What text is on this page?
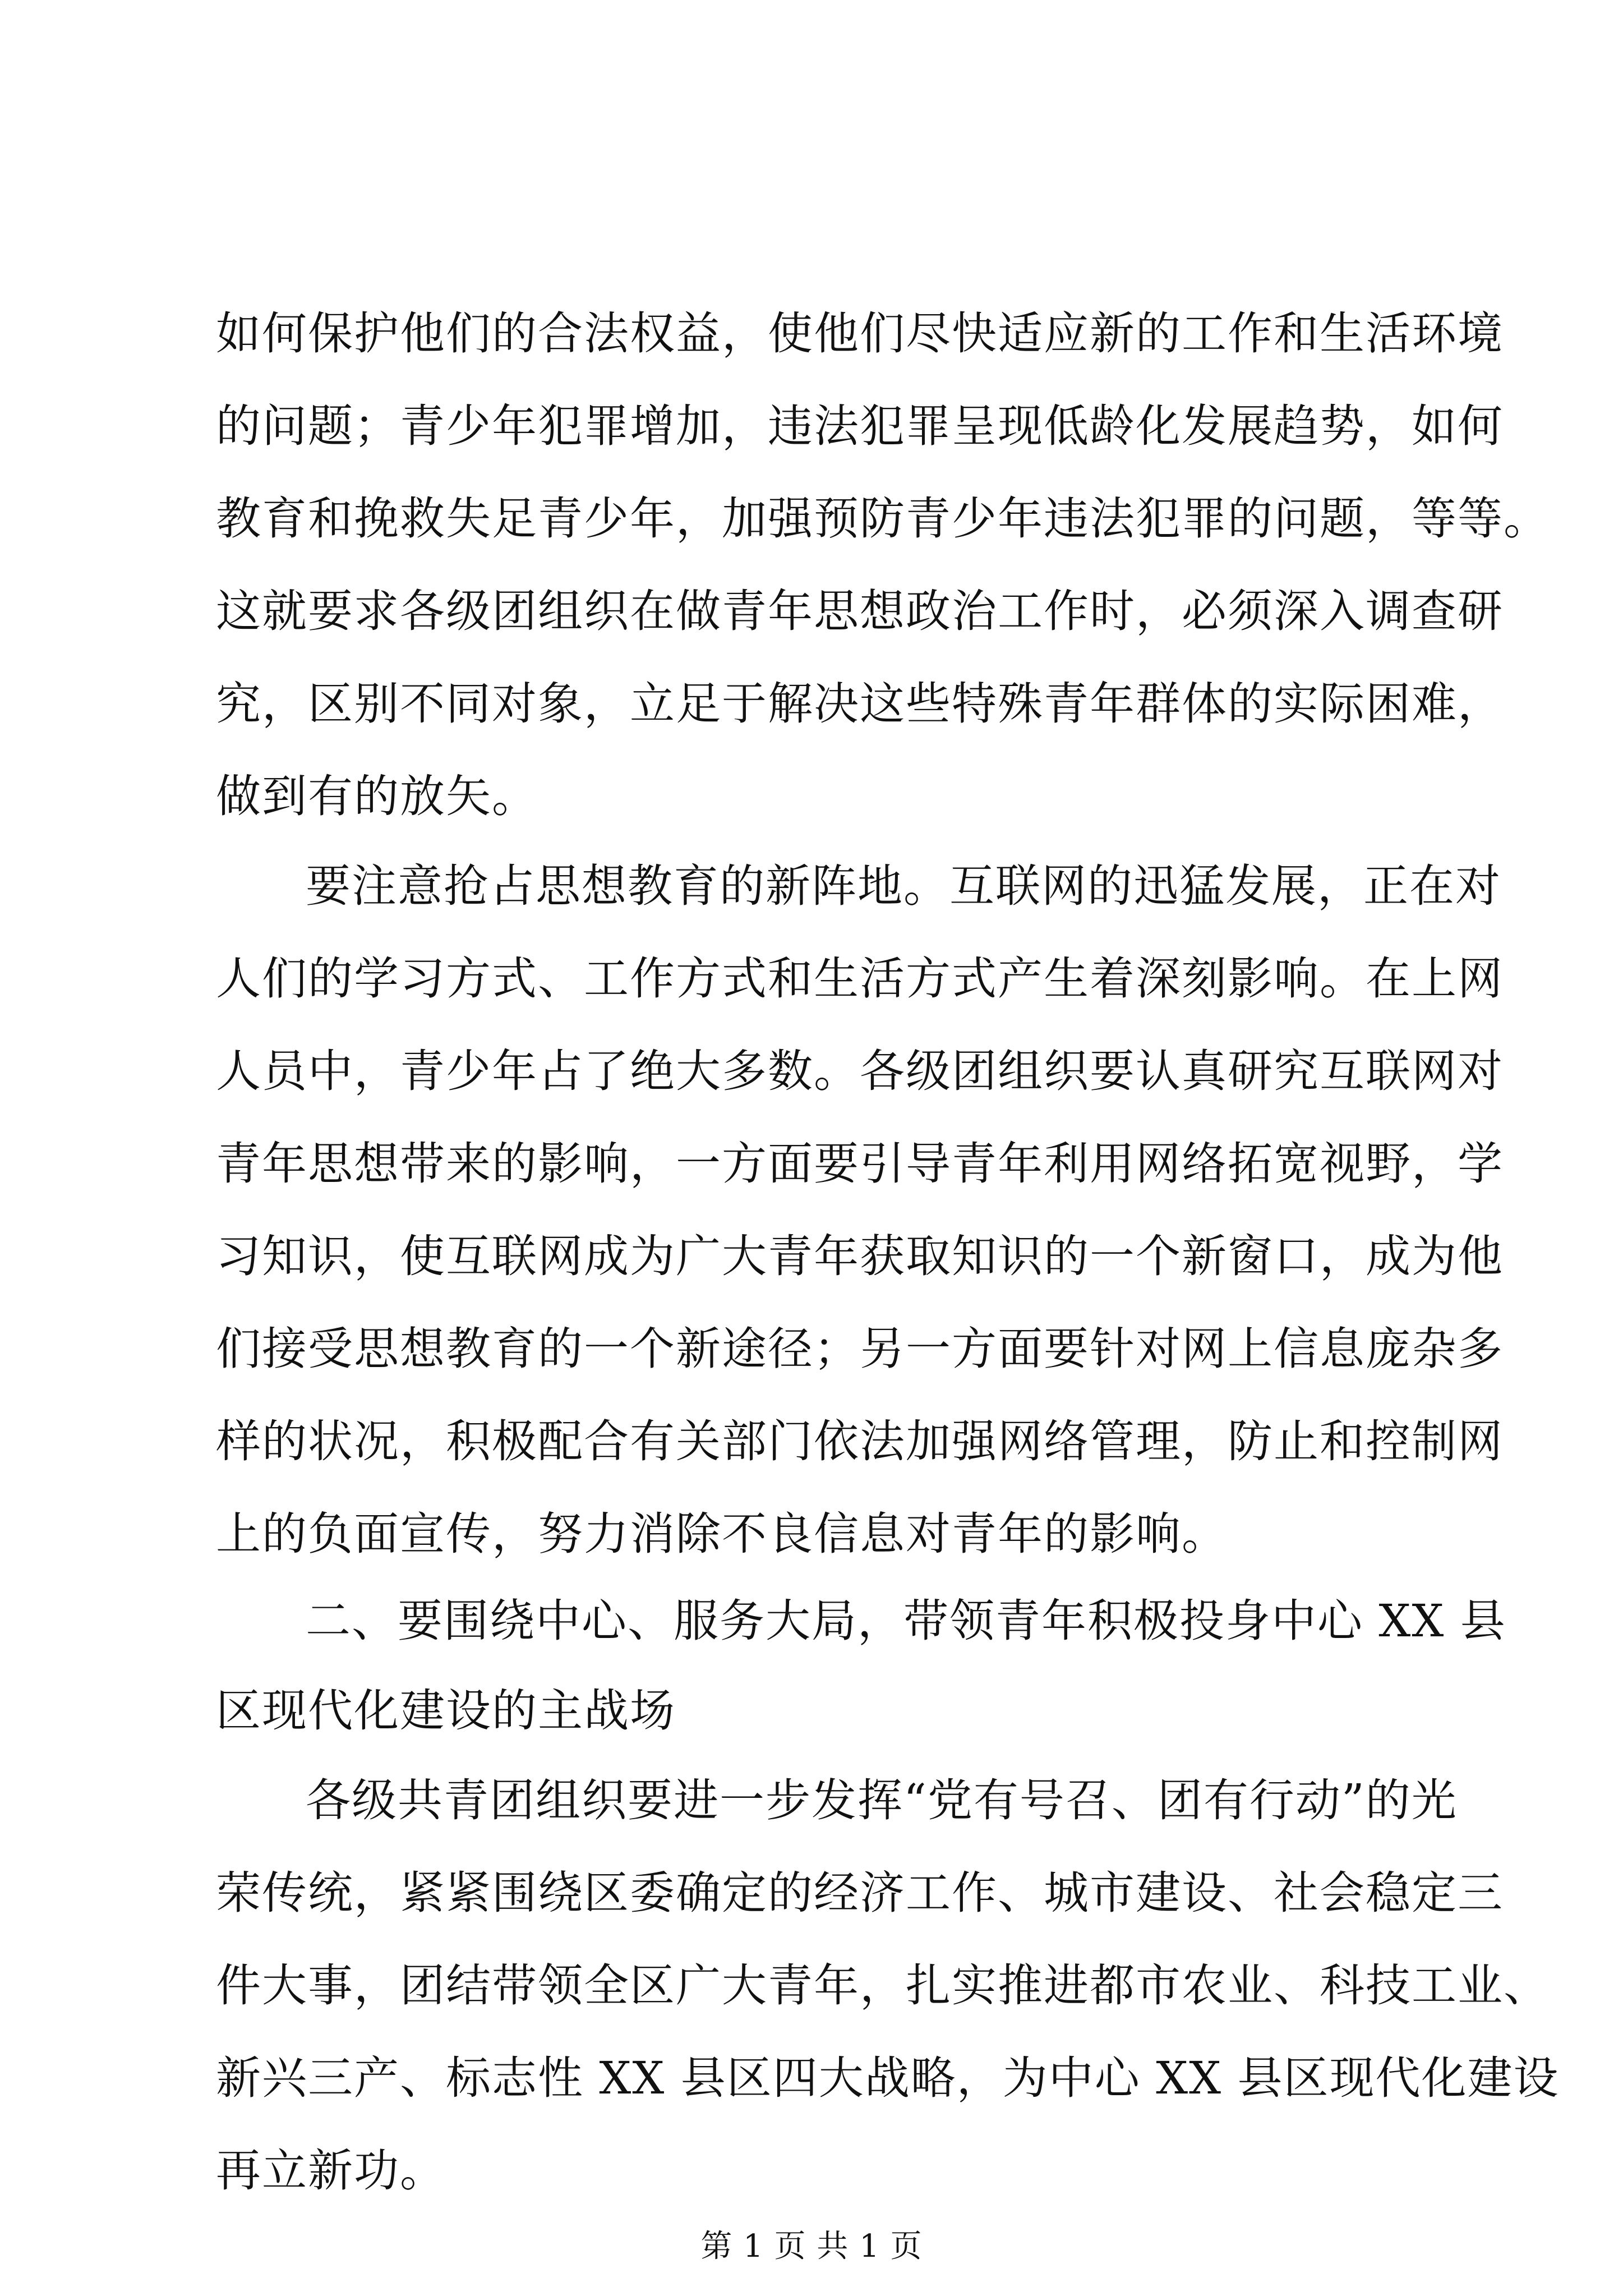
如何保护他们的合法权益，使他们尽快适应新的工作和生活环境
的问题；青少年犯罪增加，违法犯罪呈现低龄化发展趋势，如何
教育和挽救失足青少年，加强预防青少年违法犯罪的问题，等等。
这就要求各级团组织在做青年思想政治工作时，必须深入调查研
究，区别不同对象，立足于解决这些特殊青年群体的实际困难，
做到有的放矢。
要注意抢占思想教育的新阵地。互联网的迅猛发展，正在对
人们的学习方式、工作方式和生活方式产生着深刻影响。在上网
人员中，青少年占了绝大多数。各级团组织要认真研究互联网对
青年思想带来的影响，一方面要引导青年利用网络拓宽视野，学
习知识，使互联网成为广大青年获取知识的一个新窗口，成为他
们接受思想教育的一个新途径；另一方面要针对网上信息庞杂多
样的状况，积极配合有关部门依法加强网络管理，防止和控制网
上的负面宣传，努力消除不良信息对青年的影响。
二、要围绕中心、服务大局，带领青年积极投身中心 XX 县
区现代化建设的主战场
各级共青团组织要进一步发挥“党有号召、团有行动”的光
荣传统，紧紧围绕区委确定的经济工作、城市建设、社会稳定三
件大事，团结带领全区广大青年，扎实推进都市农业、科技工业、
新兴三产、标志性 XX 县区四大战略，为中心 XX 县区现代化建设
再立新功。
第 1 页 共 1 页
